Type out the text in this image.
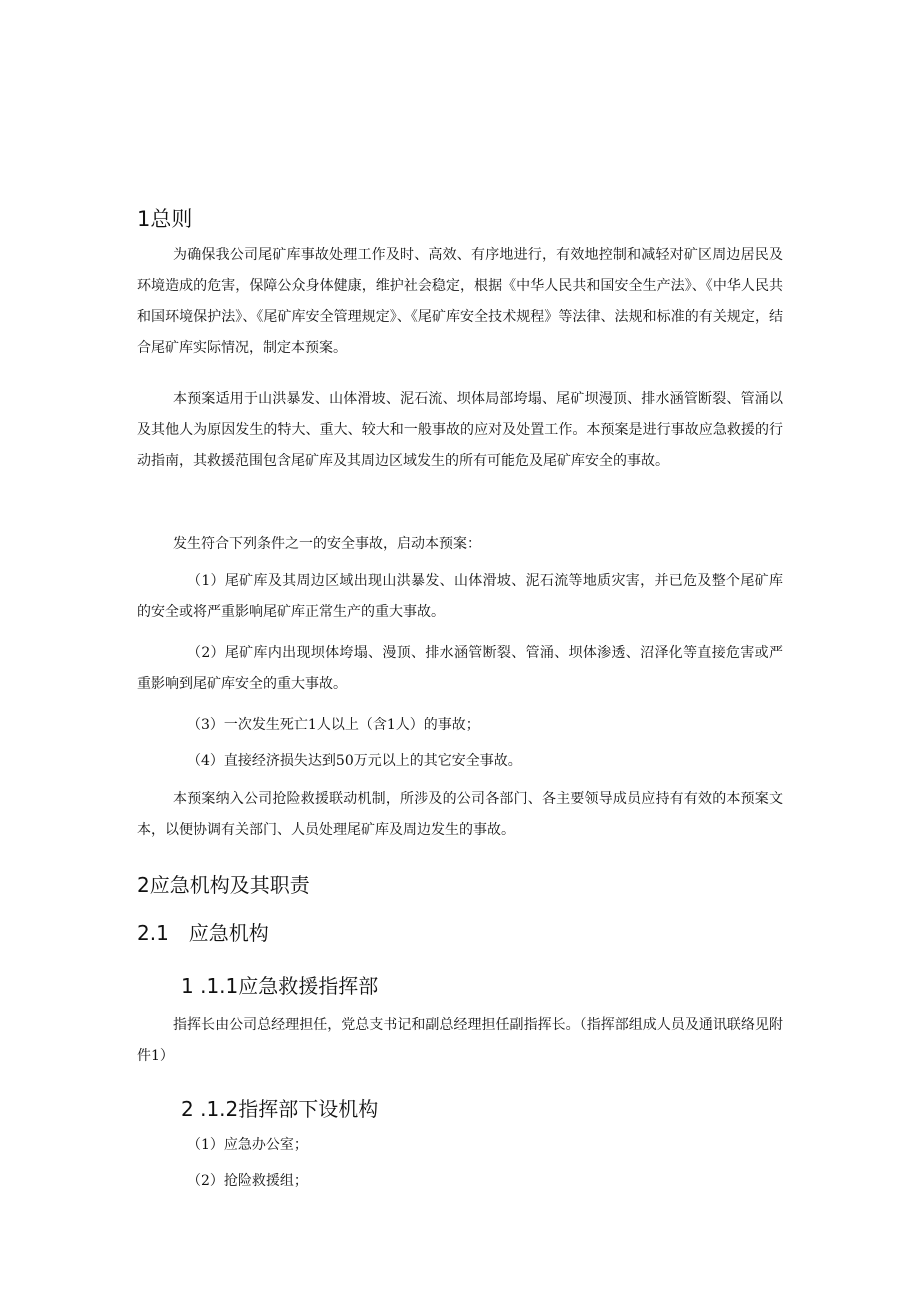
1总则

为确保我公司尾矿库事故处理工作及时、高效、有序地进行，有效地控制和减轻对矿区周边居民及环境造成的危害，保障公众身体健康，维护社会稳定，根据《中华人民共和国安全生产法》、《中华人民共和国环境保护法》、《尾矿库安全管理规定》、《尾矿库安全技术规程》等法律、法规和标准的有关规定，结合尾矿库实际情况，制定本预案。

本预案适用于山洪暴发、山体滑坡、泥石流、坝体局部垮塌、尾矿坝漫顶、排水涵管断裂、管涌以及其他人为原因发生的特大、重大、较大和一般事故的应对及处置工作。本预案是进行事故应急救援的行动指南，其救援范围包含尾矿库及其周边区域发生的所有可能危及尾矿库安全的事故。

发生符合下列条件之一的安全事故，启动本预案：

（1）尾矿库及其周边区域出现山洪暴发、山体滑坡、泥石流等地质灾害，并已危及整个尾矿库的安全或将严重影响尾矿库正常生产的重大事故。

（2）尾矿库内出现坝体垮塌、漫顶、排水涵管断裂、管涌、坝体渗透、沼泽化等直接危害或严重影响到尾矿库安全的重大事故。

（3）一次发生死亡1人以上（含1人）的事故；

（4）直接经济损失达到50万元以上的其它安全事故。

本预案纳入公司抢险救援联动机制，所涉及的公司各部门、各主要领导成员应持有有效的本预案文本，以便协调有关部门、人员处理尾矿库及周边发生的事故。

2应急机构及其职责
2.1　应急机构
1 .1.1应急救援指挥部

指挥长由公司总经理担任，党总支书记和副总经理担任副指挥长。（指挥部组成人员及通讯联络见附件1）

2 .1.2指挥部下设机构

（1）应急办公室；

（2）抢险救援组；
